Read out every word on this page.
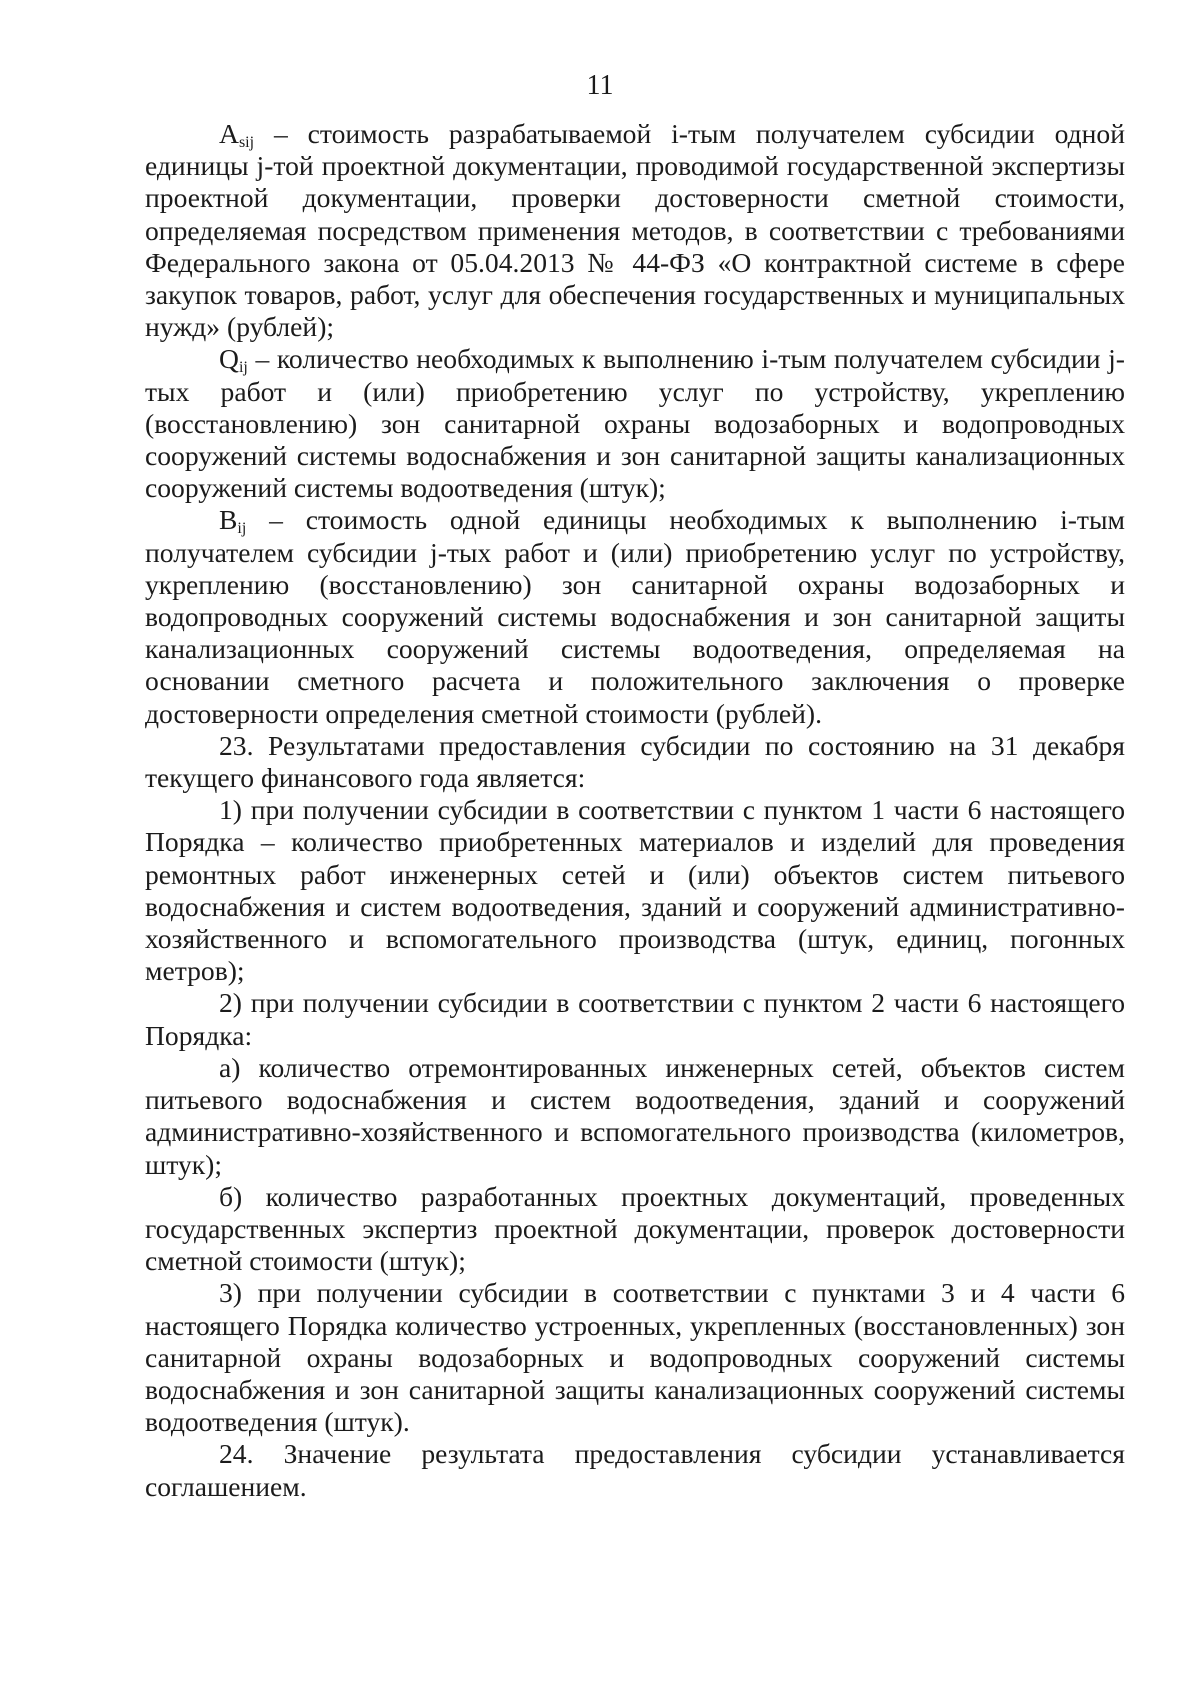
11

$A_{sij}$ – стоимость разрабатываемой i-тым получателем субсидии одной единицы j-той проектной документации, проводимой государственной экспертизы проектной документации, проверки достоверности сметной стоимости, определяемая посредством применения методов, в соответствии с требованиями Федерального закона от 05.04.2013 № 44-ФЗ «О контрактной системе в сфере закупок товаров, работ, услуг для обеспечения государственных и муниципальных нужд» (рублей);

$Q_{ij}$ – количество необходимых к выполнению i-тым получателем субсидии j-тых работ и (или) приобретению услуг по устройству, укреплению (восстановлению) зон санитарной охраны водозаборных и водопроводных сооружений системы водоснабжения и зон санитарной защиты канализационных сооружений системы водоотведения (штук);

$B_{ij}$ – стоимость одной единицы необходимых к выполнению i-тым получателем субсидии j-тых работ и (или) приобретению услуг по устройству, укреплению (восстановлению) зон санитарной охраны водозаборных и водопроводных сооружений системы водоснабжения и зон санитарной защиты канализационных сооружений системы водоотведения, определяемая на основании сметного расчета и положительного заключения о проверке достоверности определения сметной стоимости (рублей).

23. Результатами предоставления субсидии по состоянию на 31 декабря текущего финансового года является:

1) при получении субсидии в соответствии с пунктом 1 части 6 настоящего Порядка – количество приобретенных материалов и изделий для проведения ремонтных работ инженерных сетей и (или) объектов систем питьевого водоснабжения и систем водоотведения, зданий и сооружений административно-хозяйственного и вспомогательного производства (штук, единиц, погонных метров);

2) при получении субсидии в соответствии с пунктом 2 части 6 настоящего Порядка:

а) количество отремонтированных инженерных сетей, объектов систем питьевого водоснабжения и систем водоотведения, зданий и сооружений административно-хозяйственного и вспомогательного производства (километров, штук);

б) количество разработанных проектных документаций, проведенных государственных экспертиз проектной документации, проверок достоверности сметной стоимости (штук);

3) при получении субсидии в соответствии с пунктами 3 и 4 части 6 настоящего Порядка количество устроенных, укрепленных (восстановленных) зон санитарной охраны водозаборных и водопроводных сооружений системы водоснабжения и зон санитарной защиты канализационных сооружений системы водоотведения (штук).

24. Значение результата предоставления субсидии устанавливается соглашением.
